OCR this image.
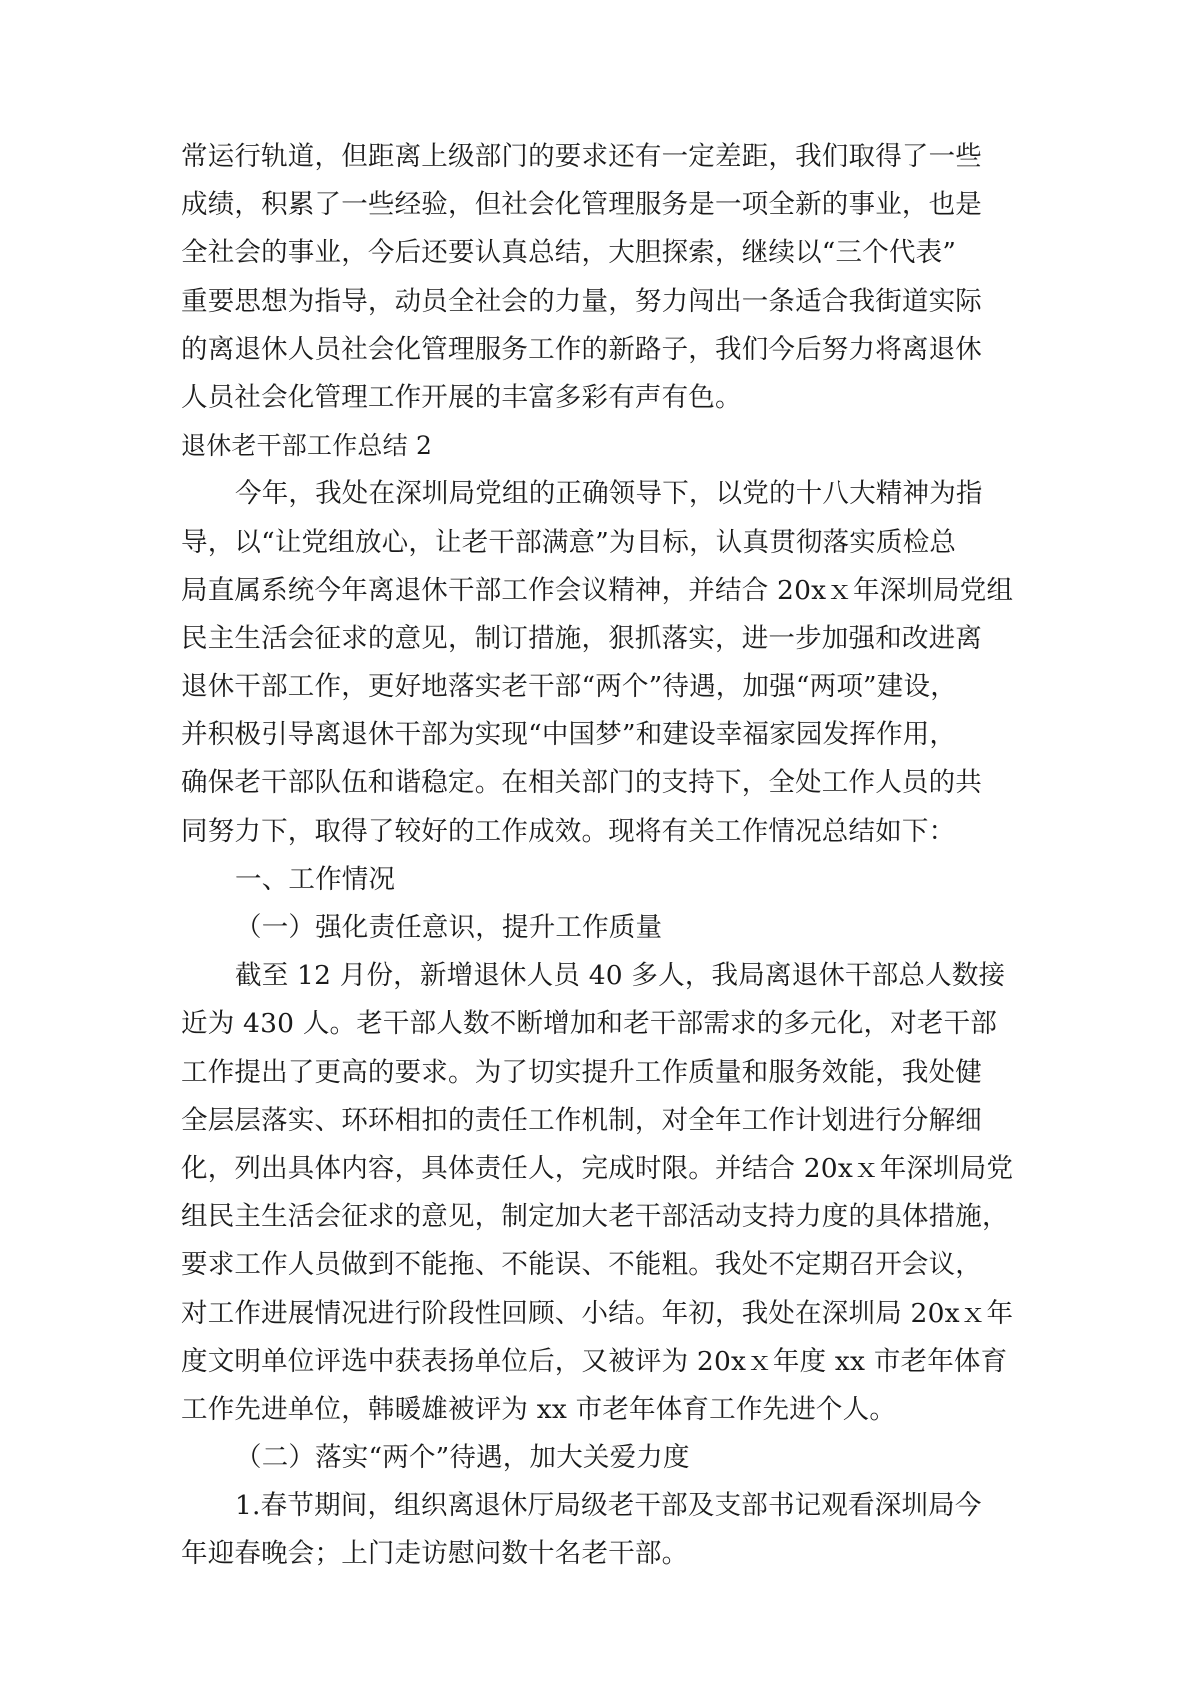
常运行轨道，但距离上级部门的要求还有一定差距，我们取得了一些
成绩，积累了一些经验，但社会化管理服务是一项全新的事业，也是
全社会的事业，今后还要认真总结，大胆探索，继续以“三个代表”
重要思想为指导，动员全社会的力量，努力闯出一条适合我街道实际
的离退休人员社会化管理服务工作的新路子，我们今后努力将离退休
人员社会化管理工作开展的丰富多彩有声有色。
退休老干部工作总结 2
今年，我处在深圳局党组的正确领导下，以党的十八大精神为指
导，以“让党组放心，让老干部满意”为目标，认真贯彻落实质检总
局直属系统今年离退休干部工作会议精神，并结合 20xｘ年深圳局党组
民主生活会征求的意见，制订措施，狠抓落实，进一步加强和改进离
退休干部工作，更好地落实老干部“两个”待遇，加强“两项”建设，
并积极引导离退休干部为实现“中国梦”和建设幸福家园发挥作用，
确保老干部队伍和谐稳定。在相关部门的支持下，全处工作人员的共
同努力下，取得了较好的工作成效。现将有关工作情况总结如下：
一、工作情况
（一）强化责任意识，提升工作质量
截至 12 月份，新增退休人员 40 多人，我局离退休干部总人数接
近为 430 人。老干部人数不断增加和老干部需求的多元化，对老干部
工作提出了更高的要求。为了切实提升工作质量和服务效能，我处健
全层层落实、环环相扣的责任工作机制，对全年工作计划进行分解细
化，列出具体内容，具体责任人，完成时限。并结合 20xｘ年深圳局党
组民主生活会征求的意见，制定加大老干部活动支持力度的具体措施，
要求工作人员做到不能拖、不能误、不能粗。我处不定期召开会议，
对工作进展情况进行阶段性回顾、小结。年初，我处在深圳局 20xｘ年
度文明单位评选中获表扬单位后，又被评为 20xｘ年度 xx 市老年体育
工作先进单位，韩暖雄被评为 xx 市老年体育工作先进个人。
（二）落实“两个”待遇，加大关爱力度
1.春节期间，组织离退休厅局级老干部及支部书记观看深圳局今
年迎春晚会；上门走访慰问数十名老干部。
